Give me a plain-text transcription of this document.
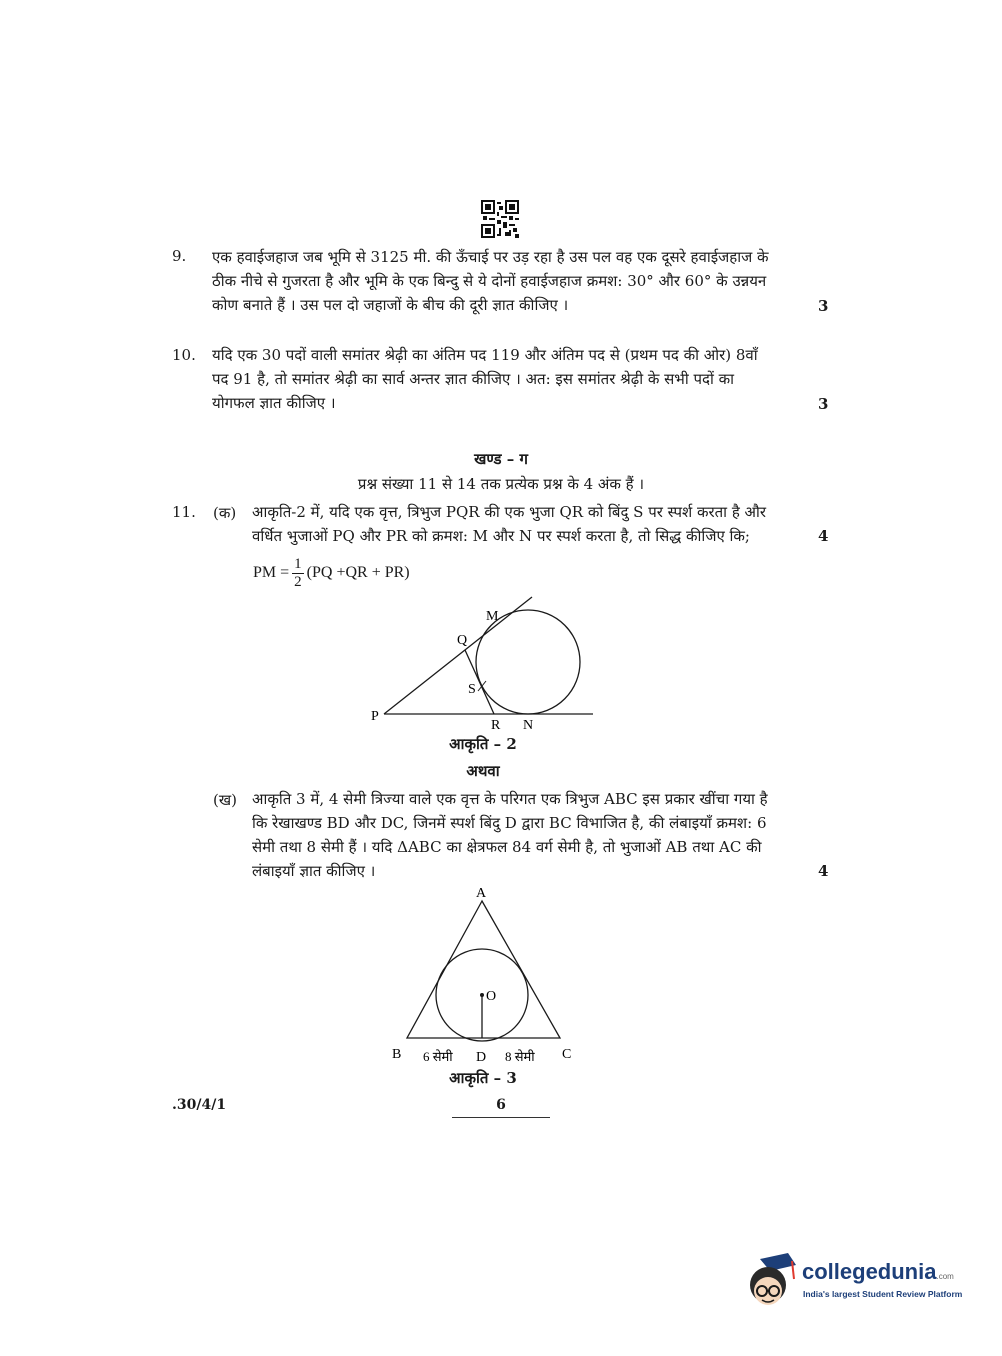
9. एक हवाईजहाज जब भूमि से 3125 मी. की ऊँचाई पर उड़ रहा है उस पल वह एक दूसरे हवाईजहाज के
ठीक नीचे से गुजरता है और भूमि के एक बिन्दु से ये दोनों हवाईजहाज क्रमश: 30° और 60° के उन्नयन
कोण बनाते हैं । उस पल दो जहाजों के बीच की दूरी ज्ञात कीजिए ।	3
10. यदि एक 30 पदों वाली समांतर श्रेढ़ी का अंतिम पद 119 और अंतिम पद से (प्रथम पद की ओर) 8वाँ
पद 91 है, तो समांतर श्रेढ़ी का सार्व अन्तर ज्ञात कीजिए । अत: इस समांतर श्रेढ़ी के सभी पदों का
योगफल ज्ञात कीजिए ।	3
खण्ड – ग
प्रश्न संख्या 11 से 14 तक प्रत्येक प्रश्न के 4 अंक हैं ।
11. (क) आकृति-2 में, यदि एक वृत्त, त्रिभुज PQR की एक भुजा QR को बिंदु S पर स्पर्श करता है और
वर्धित भुजाओं PQ और PR को क्रमश: M और N पर स्पर्श करता है, तो सिद्ध कीजिए कि;	4
PM = $\frac{1}{2} (PQ +QR + PR)$
M
Q
S
P
R N
आकृति – 2
अथवा
(ख) आकृति 3 में, 4 सेमी त्रिज्या वाले एक वृत्त के परिगत एक त्रिभुज ABC इस प्रकार खींचा गया है
कि रेखाखण्ड BD और DC, जिनमें स्पर्श बिंदु D द्वारा BC विभाजित है, की लंबाइयाँ क्रमश: 6
सेमी तथा 8 सेमी हैं । यदि ΔABC का क्षेत्रफल 84 वर्ग सेमी है, तो भुजाओं AB तथा AC की
लंबाइयाँ ज्ञात कीजिए ।	4
A
O
B	D	C
6 सेमी	8 सेमी
आकृति – 3
.30/4/1	6
collegedunia.com
India's largest Student Review Platform
